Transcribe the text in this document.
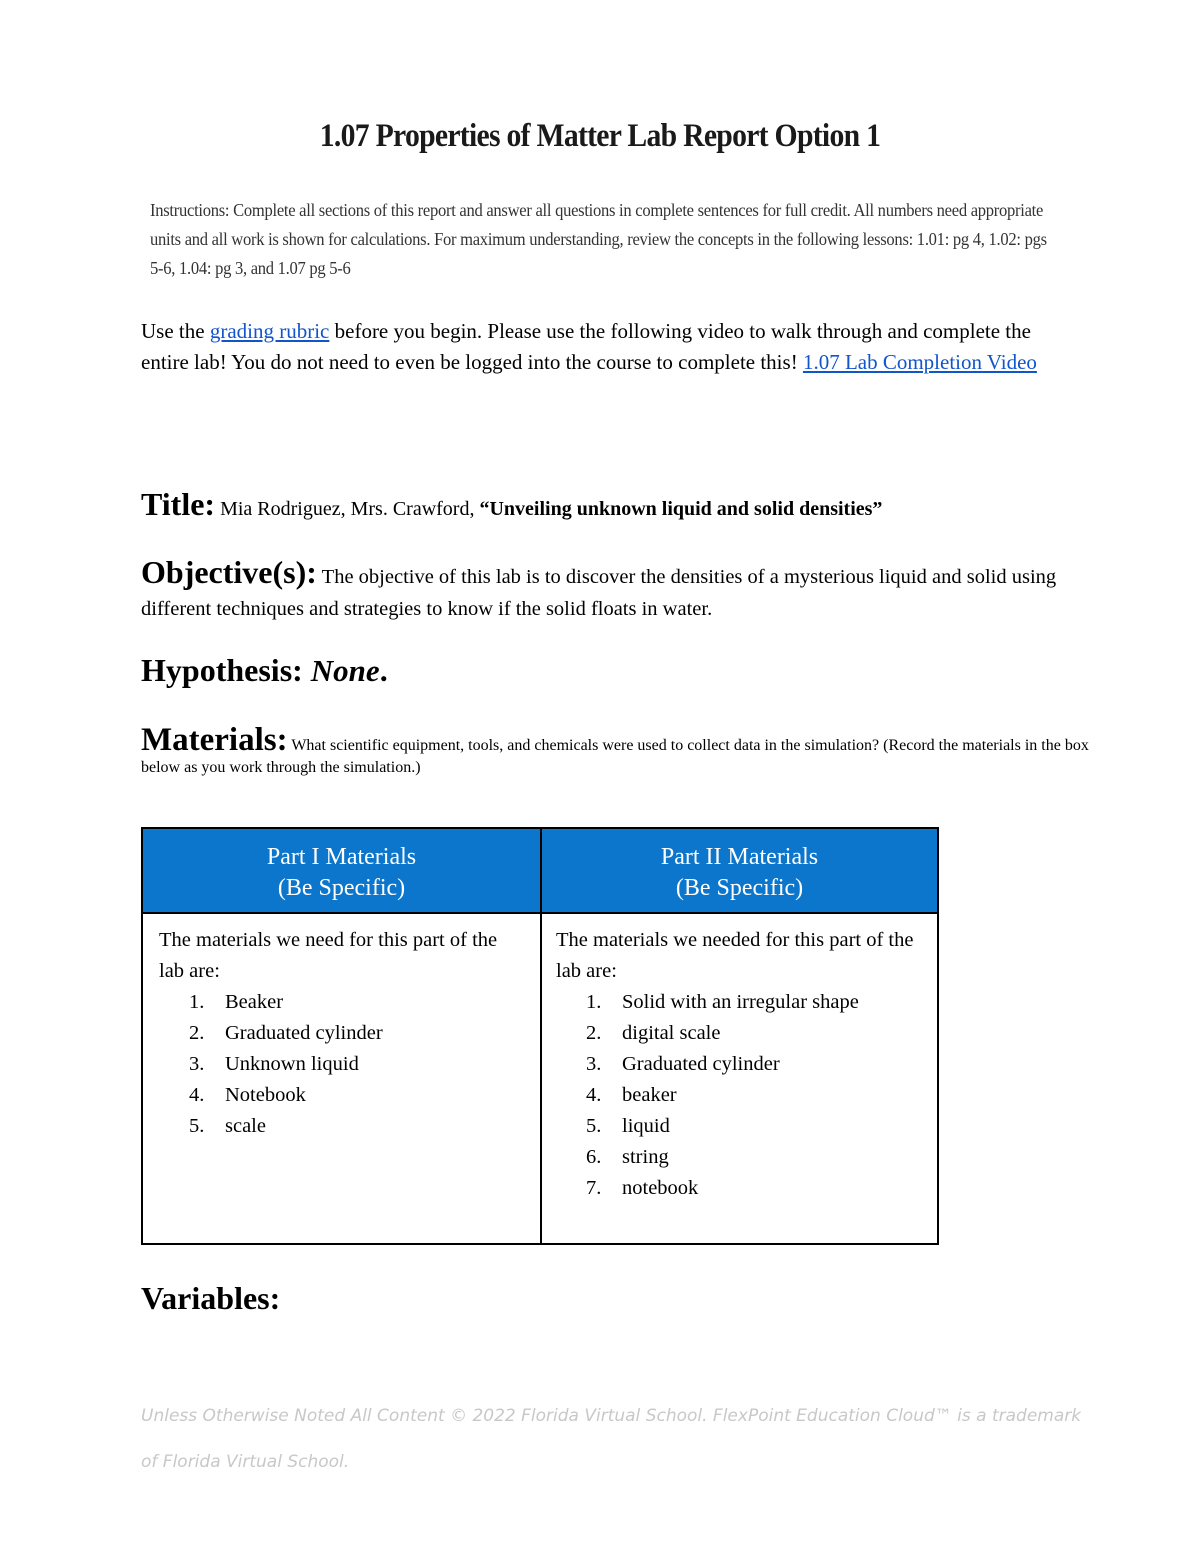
1.07 Properties of Matter Lab Report Option 1
Instructions: Complete all sections of this report and answer all questions in complete sentences for full credit. All numbers need appropriate units and all work is shown for calculations. For maximum understanding, review the concepts in the following lessons: 1.01: pg 4, 1.02: pgs 5-6, 1.04: pg 3, and 1.07 pg 5-6
Use the grading rubric before you begin. Please use the following video to walk through and complete the entire lab! You do not need to even be logged into the course to complete this! 1.07 Lab Completion Video
Title: Mia Rodriguez, Mrs. Crawford, “Unveiling unknown liquid and solid densities”
Objective(s): The objective of this lab is to discover the densities of a mysterious liquid and solid using different techniques and strategies to know if the solid floats in water.
Hypothesis: None.
Materials: What scientific equipment, tools, and chemicals were used to collect data in the simulation? (Record the materials in the box below as you work through the simulation.)
Part I Materials
(Be Specific)
Part II Materials
(Be Specific)
The materials we need for this part of the lab are:
1. Beaker
2. Graduated cylinder
3. Unknown liquid
4. Notebook
5. scale
The materials we needed for this part of the lab are:
1. Solid with an irregular shape
2. digital scale
3. Graduated cylinder
4. beaker
5. liquid
6. string
7. notebook
Variables:
Unless Otherwise Noted All Content © 2022 Florida Virtual School. FlexPoint Education Cloud™ is a trademark of Florida Virtual School.
